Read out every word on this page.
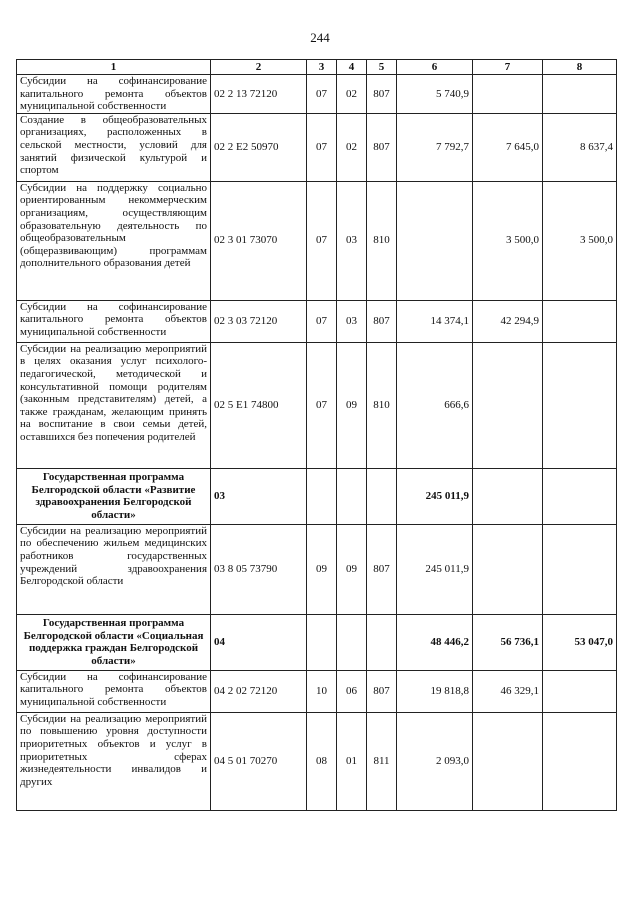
244
1	2	3	4	5	6	7	8
Субсидии на софинансирование капитального ремонта объектов муниципальной собственности	02 2 13 72120	07	02	807	5 740,9		
Создание в общеобразовательных организациях, расположенных в сельской местности, условий для занятий физической культурой и спортом	02 2 Е2 50970	07	02	807	7 792,7	7 645,0	8 637,4
Субсидии на поддержку социально ориентированным некоммерческим организациям, осуществляющим образовательную деятельность по общеобразовательным (общеразвивающим) программам дополнительного образования детей	02 3 01 73070	07	03	810		3 500,0	3 500,0
Субсидии на софинансирование капитального ремонта объектов муниципальной собственности	02 3 03 72120	07	03	807	14 374,1	42 294,9	
Субсидии на реализацию мероприятий в целях оказания услуг психолого-педагогической, методической и консультативной помощи родителям (законным представителям) детей, а также гражданам, желающим принять на воспитание в свои семьи детей, оставшихся без попечения родителей	02 5 Е1 74800	07	09	810	666,6		
Государственная программа Белгородской области «Развитие здравоохранения Белгородской области»	03				245 011,9		
Субсидии на реализацию мероприятий по обеспечению жильем медицинских работников государственных учреждений здравоохранения Белгородской области	03 8 05 73790	09	09	807	245 011,9		
Государственная программа Белгородской области «Социальная поддержка граждан Белгородской области»	04				48 446,2	56 736,1	53 047,0
Субсидии на софинансирование капитального ремонта объектов муниципальной собственности	04 2 02 72120	10	06	807	19 818,8	46 329,1	
Субсидии на реализацию мероприятий по повышению уровня доступности приоритетных объектов и услуг в приоритетных сферах жизнедеятельности инвалидов и других	04 5 01 70270	08	01	811	2 093,0		
